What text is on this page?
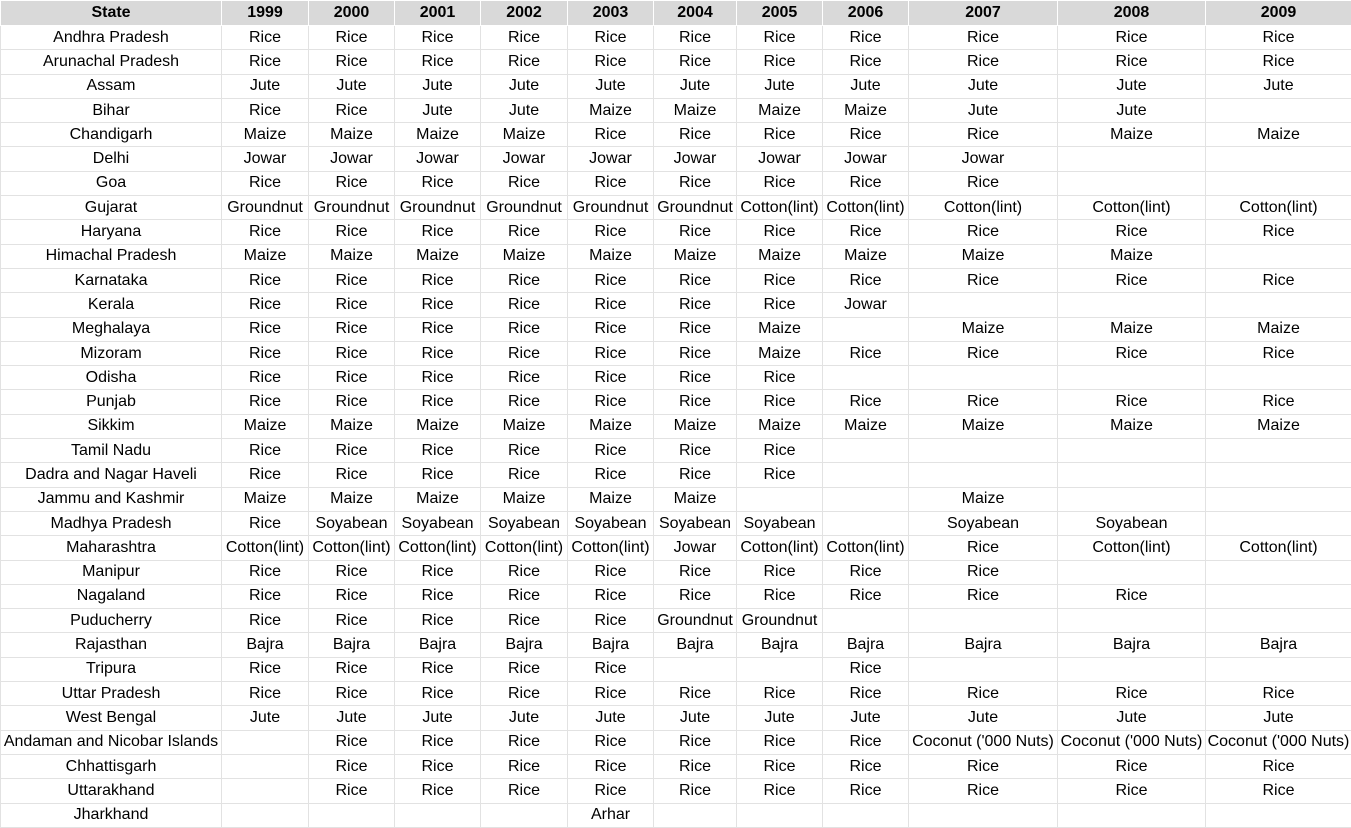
State	1999	2000	2001	2002	2003	2004	2005	2006	2007	2008	2009
Andhra Pradesh	Rice	Rice	Rice	Rice	Rice	Rice	Rice	Rice	Rice	Rice	Rice
Arunachal Pradesh	Rice	Rice	Rice	Rice	Rice	Rice	Rice	Rice	Rice	Rice	Rice
Assam	Jute	Jute	Jute	Jute	Jute	Jute	Jute	Jute	Jute	Jute	Jute
Bihar	Rice	Rice	Jute	Jute	Maize	Maize	Maize	Maize	Jute	Jute	
Chandigarh	Maize	Maize	Maize	Maize	Rice	Rice	Rice	Rice	Rice	Maize	Maize
Delhi	Jowar	Jowar	Jowar	Jowar	Jowar	Jowar	Jowar	Jowar	Jowar		
Goa	Rice	Rice	Rice	Rice	Rice	Rice	Rice	Rice	Rice		
Gujarat	Groundnut	Groundnut	Groundnut	Groundnut	Groundnut	Groundnut	Cotton(lint)	Cotton(lint)	Cotton(lint)	Cotton(lint)	Cotton(lint)
Haryana	Rice	Rice	Rice	Rice	Rice	Rice	Rice	Rice	Rice	Rice	Rice
Himachal Pradesh	Maize	Maize	Maize	Maize	Maize	Maize	Maize	Maize	Maize	Maize	
Karnataka	Rice	Rice	Rice	Rice	Rice	Rice	Rice	Rice	Rice	Rice	Rice
Kerala	Rice	Rice	Rice	Rice	Rice	Rice	Rice	Jowar			
Meghalaya	Rice	Rice	Rice	Rice	Rice	Rice	Maize		Maize	Maize	Maize
Mizoram	Rice	Rice	Rice	Rice	Rice	Rice	Maize	Rice	Rice	Rice	Rice
Odisha	Rice	Rice	Rice	Rice	Rice	Rice	Rice				
Punjab	Rice	Rice	Rice	Rice	Rice	Rice	Rice	Rice	Rice	Rice	Rice
Sikkim	Maize	Maize	Maize	Maize	Maize	Maize	Maize	Maize	Maize	Maize	Maize
Tamil Nadu	Rice	Rice	Rice	Rice	Rice	Rice	Rice				
Dadra and Nagar Haveli	Rice	Rice	Rice	Rice	Rice	Rice	Rice				
Jammu and Kashmir	Maize	Maize	Maize	Maize	Maize	Maize			Maize		
Madhya Pradesh	Rice	Soyabean	Soyabean	Soyabean	Soyabean	Soyabean	Soyabean		Soyabean	Soyabean	
Maharashtra	Cotton(lint)	Cotton(lint)	Cotton(lint)	Cotton(lint)	Cotton(lint)	Jowar	Cotton(lint)	Cotton(lint)	Rice	Cotton(lint)	Cotton(lint)
Manipur	Rice	Rice	Rice	Rice	Rice	Rice	Rice	Rice	Rice		
Nagaland	Rice	Rice	Rice	Rice	Rice	Rice	Rice	Rice	Rice	Rice	
Puducherry	Rice	Rice	Rice	Rice	Rice	Groundnut	Groundnut				
Rajasthan	Bajra	Bajra	Bajra	Bajra	Bajra	Bajra	Bajra	Bajra	Bajra	Bajra	Bajra
Tripura	Rice	Rice	Rice	Rice	Rice			Rice			
Uttar Pradesh	Rice	Rice	Rice	Rice	Rice	Rice	Rice	Rice	Rice	Rice	Rice
West Bengal	Jute	Jute	Jute	Jute	Jute	Jute	Jute	Jute	Jute	Jute	Jute
Andaman and Nicobar Islands		Rice	Rice	Rice	Rice	Rice	Rice	Rice	Coconut ('000 Nuts)	Coconut ('000 Nuts)	Coconut ('000 Nuts)
Chhattisgarh		Rice	Rice	Rice	Rice	Rice	Rice	Rice	Rice	Rice	Rice
Uttarakhand		Rice	Rice	Rice	Rice	Rice	Rice	Rice	Rice	Rice	Rice
Jharkhand					Arhar						
